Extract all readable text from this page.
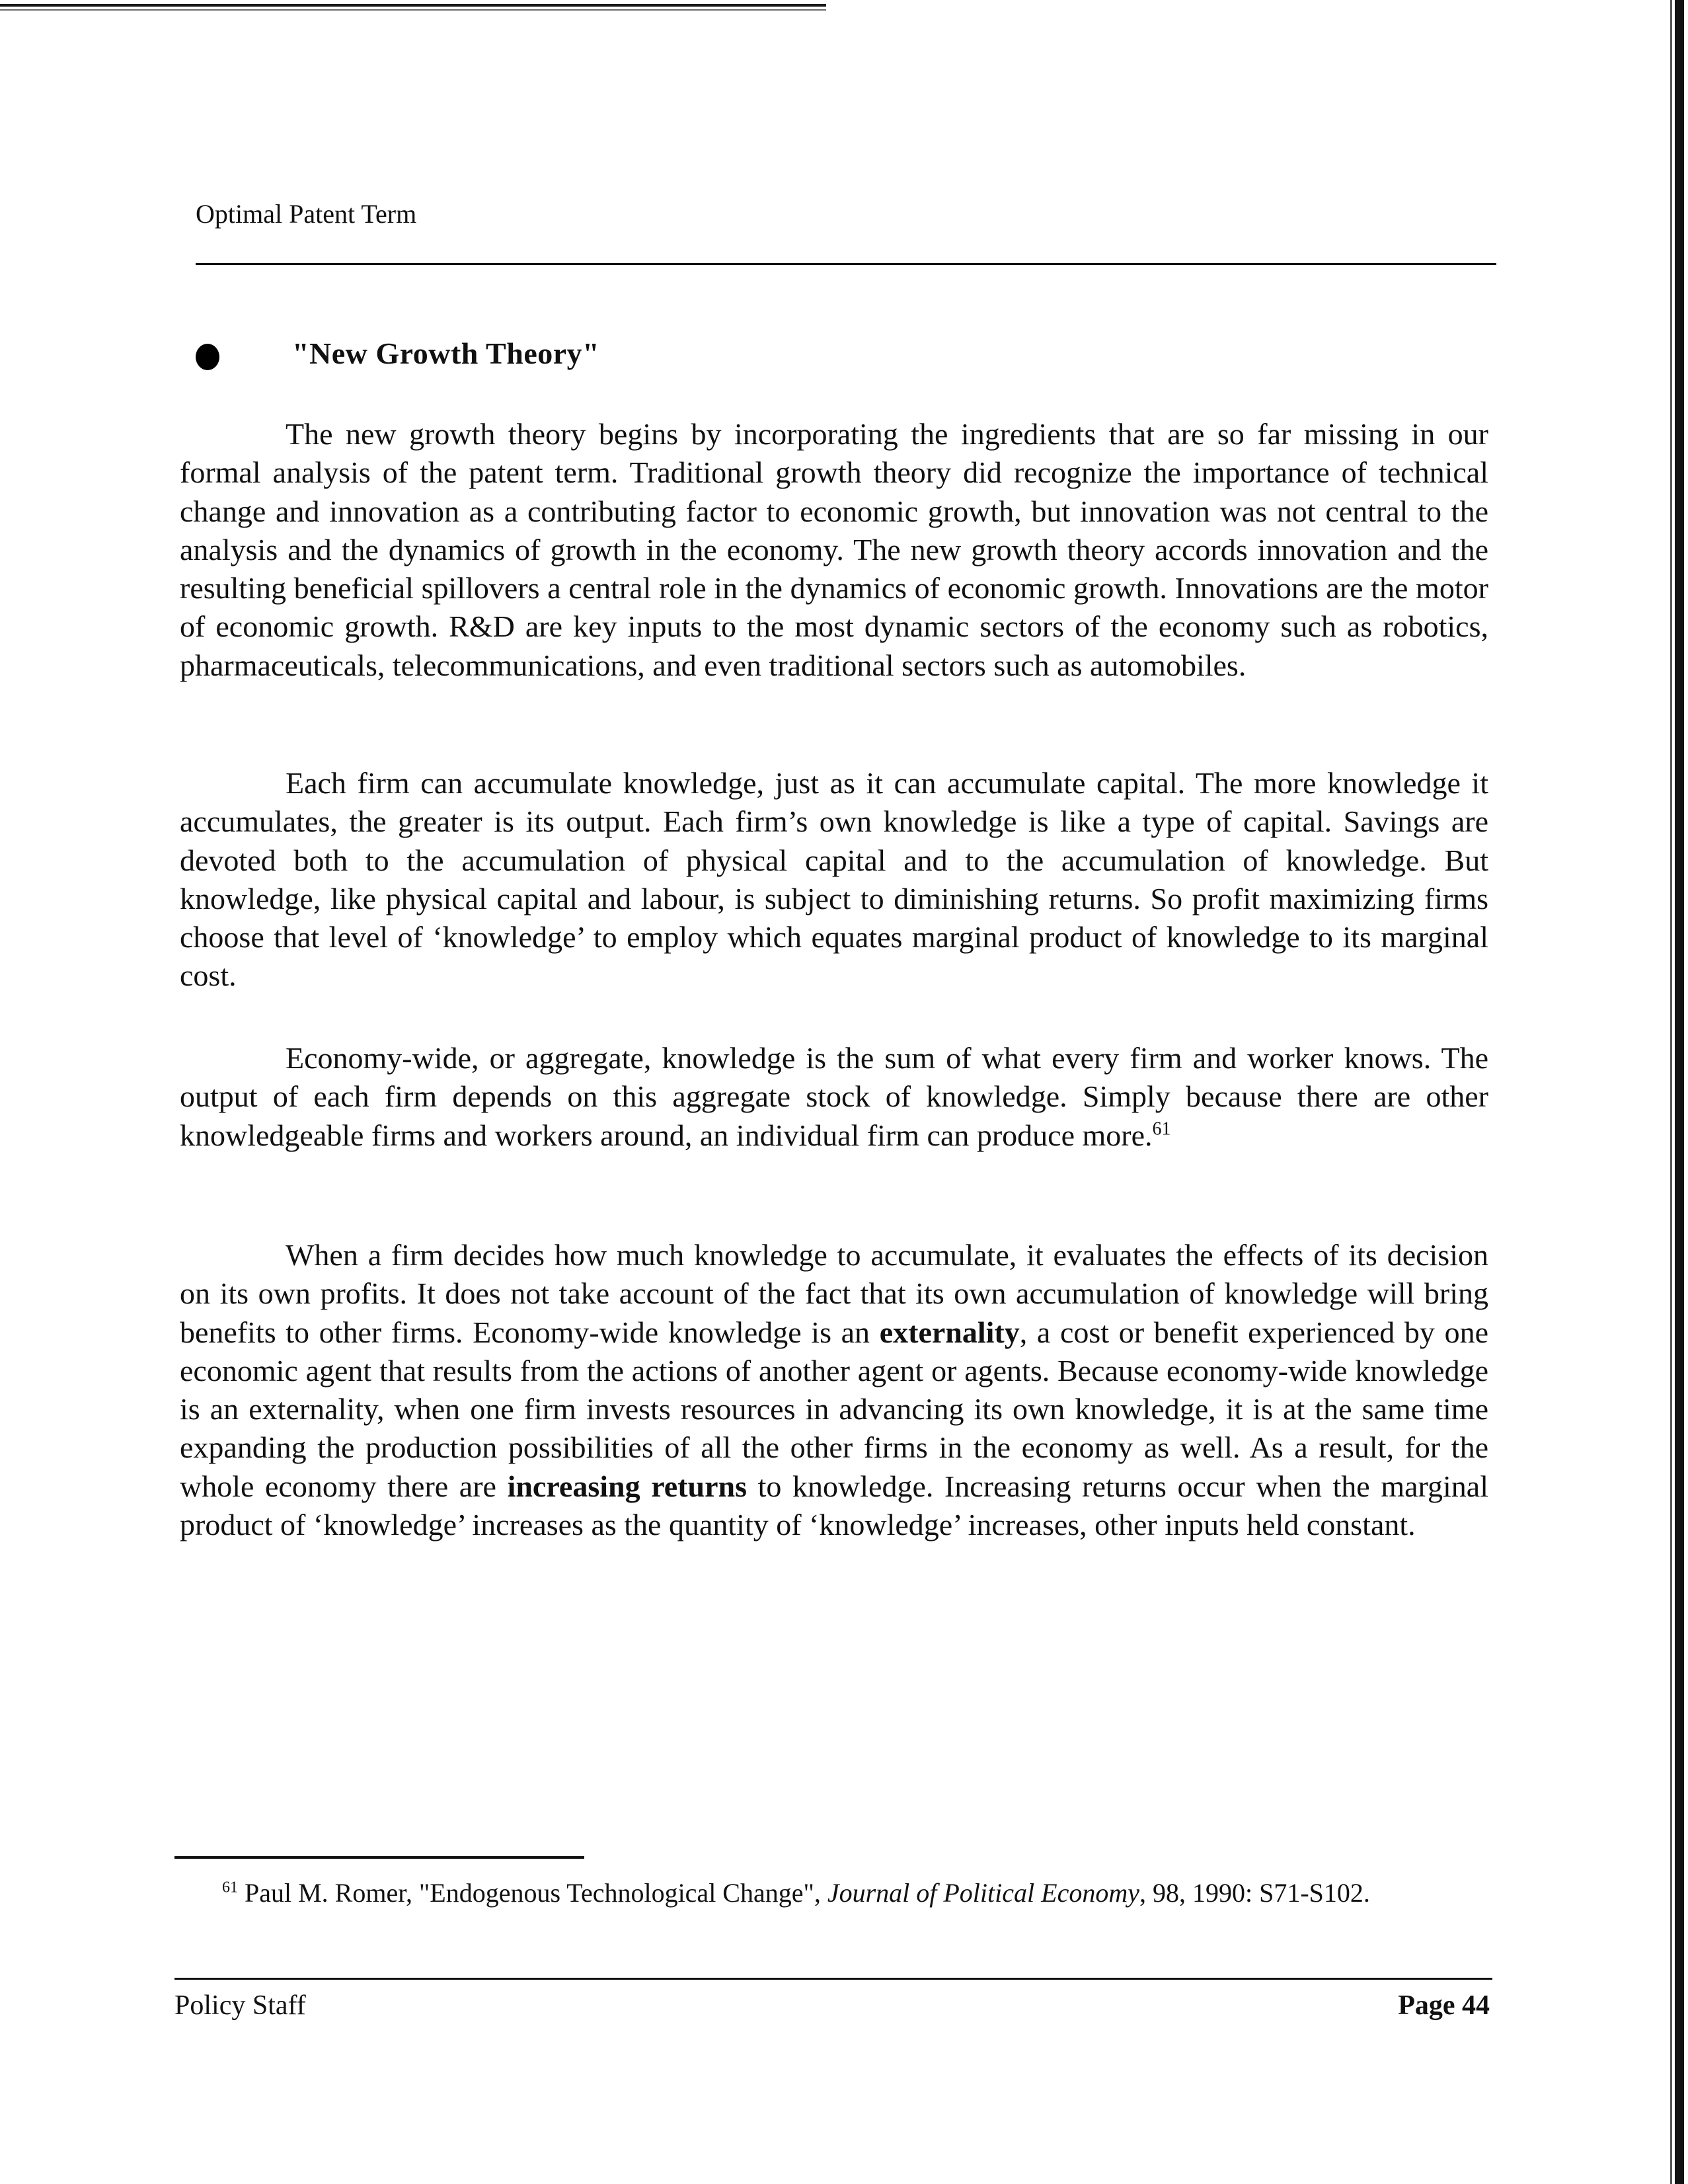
Optimal Patent Term
"New Growth Theory"

The new growth theory begins by incorporating the ingredients that are so far missing in our formal analysis of the patent term. Traditional growth theory did recognize the importance of technical change and innovation as a contributing factor to economic growth, but innovation was not central to the analysis and the dynamics of growth in the economy. The new growth theory accords innovation and the resulting beneficial spillovers a central role in the dynamics of economic growth. Innovations are the motor of economic growth. R&D are key inputs to the most dynamic sectors of the economy such as robotics, pharmaceuticals, telecommunications, and even traditional sectors such as automobiles.

Each firm can accumulate knowledge, just as it can accumulate capital. The more knowledge it accumulates, the greater is its output. Each firm’s own knowledge is like a type of capital. Savings are devoted both to the accumulation of physical capital and to the accumulation of knowledge. But knowledge, like physical capital and labour, is subject to diminishing returns. So profit maximizing firms choose that level of ‘knowledge’ to employ which equates marginal product of knowledge to its marginal cost.

Economy-wide, or aggregate, knowledge is the sum of what every firm and worker knows. The output of each firm depends on this aggregate stock of knowledge. Simply because there are other knowledgeable firms and workers around, an individual firm can produce more.$^{61}$

When a firm decides how much knowledge to accumulate, it evaluates the effects of its decision on its own profits. It does not take account of the fact that its own accumulation of knowledge will bring benefits to other firms. Economy-wide knowledge is an externality, a cost or benefit experienced by one economic agent that results from the actions of another agent or agents. Because economy-wide knowledge is an externality, when one firm invests resources in advancing its own knowledge, it is at the same time expanding the production possibilities of all the other firms in the economy as well. As a result, for the whole economy there are increasing returns to knowledge. Increasing returns occur when the marginal product of ‘knowledge’ increases as the quantity of ‘knowledge’ increases, other inputs held constant.

$^{61}$ Paul M. Romer, "Endogenous Technological Change", Journal of Political Economy, 98, 1990: S71-S102.
Policy Staff	Page 44
